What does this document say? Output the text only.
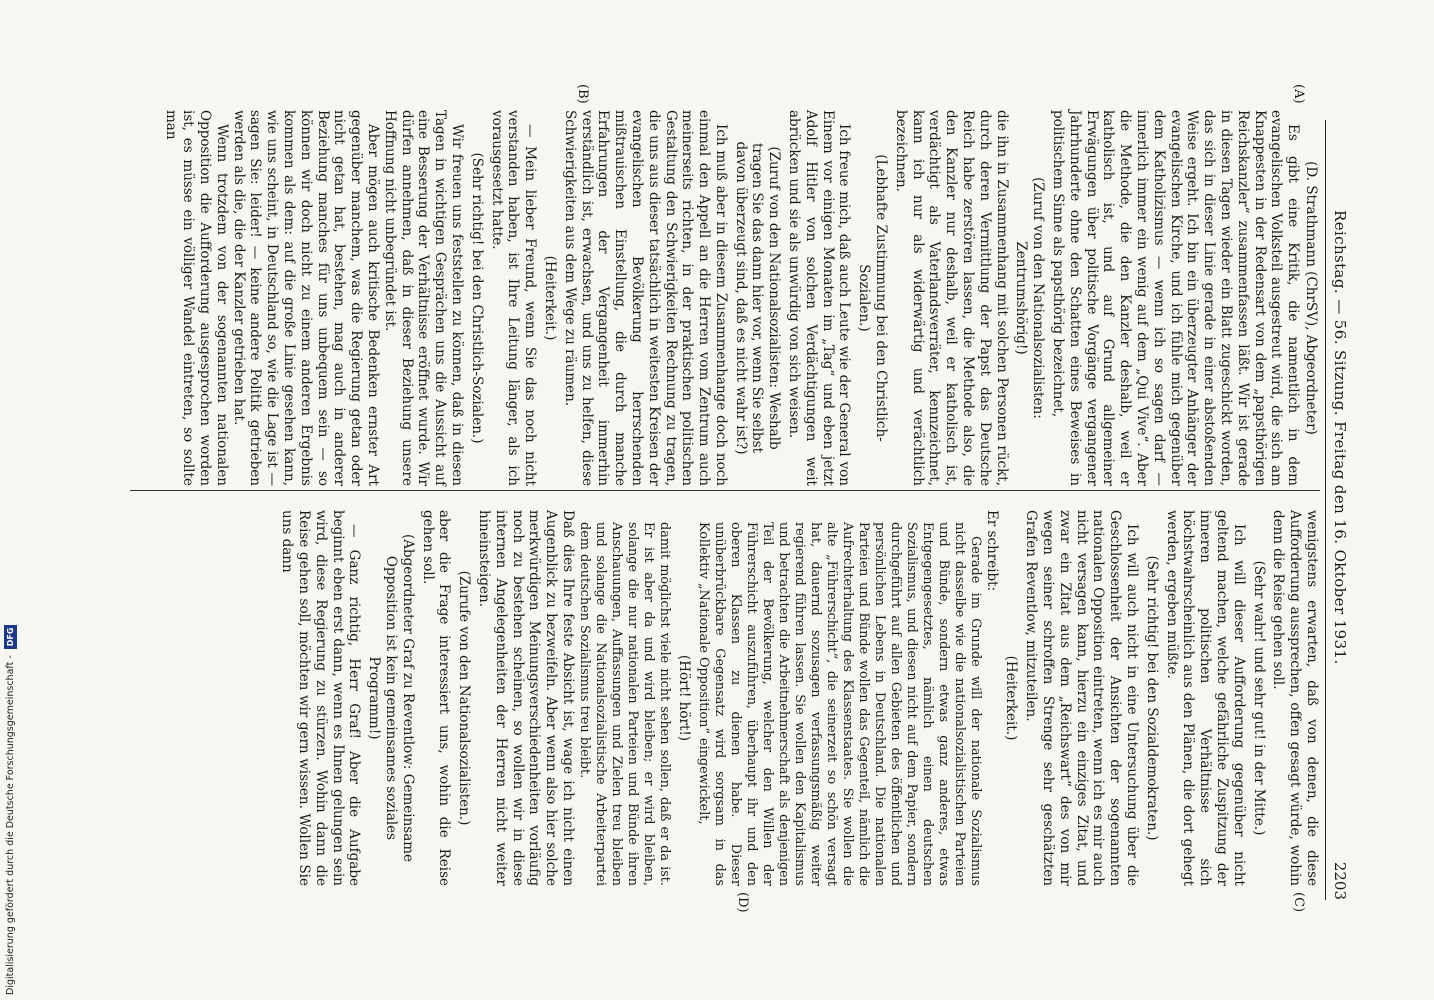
Reichstag. — 56. Sitzung. Freitag den 16. Oktober 1931.
2203
(A)
(B)
(C)
(D)

(D. Strathmann (ChrSV), Abgeordneter)

Es gibt eine Kritik, die namentlich in dem evangelischen Volksteil ausgestreut wird, die sich am Knappesten in der Redensart von dem „papsthörigen Reichskanzler“ zusammenfassen läßt. Wir ist gerade in diesen Tagen wieder ein Blatt zugeschickt worden, das sich in dieser Linie gerade in einer abstoßenden Weise ergeht. Ich bin ein überzeugter Anhänger der evangelischen Kirche, und ich fühle mich gegenüber dem Katholizismus — wenn ich so sagen darf — innerlich immer ein wenig auf dem „Qui Vive“. Aber die Methode, die den Kanzler deshalb, weil er katholisch ist, und auf Grund allgemeiner Erwägungen über politische Vorgänge vergangener Jahrhunderte ohne den Schatten eines Beweises in politischem Sinne als papsthörig bezeichnet,

(Zuruf von den Nationalsozialisten: Zentrumshörig!)

die ihn in Zusammenhang mit solchen Personen rückt, durch deren Vermittlung der Papst das Deutsche Reich habe zerstören lassen, die Methode also, die den Kanzler nur deshalb, weil er katholisch ist, verdächtigt als Vaterlandsverräter, kennzeichnet, kann ich nur als widerwärtig und verächtlich bezeichnen.

(Lebhafte Zustimmung bei den Christlich-Sozialen.)

Ich freue mich, daß auch Leute wie der General von Einem vor einigen Monaten im „Tag“ und eben jetzt Adolf Hitler von solchen Verdächtigungen weit abrücken und sie als unwürdig von sich weisen.

(Zuruf von den Nationalsozialisten: Weshalb tragen Sie das dann hier vor, wenn Sie selbst davon überzeugt sind, daß es nicht wahr ist?)

Ich muß aber in diesem Zusammenhange doch noch einmal den Appell an die Herren vom Zentrum auch meinerseits richten, in der praktischen politischen Gestaltung den Schwierigkeiten Rechnung zu tragen, die uns aus dieser tatsächlich in weitesten Kreisen der evangelischen Bevölkerung herrschenden mißtrauischen Einstellung, die durch manche Erfahrungen der Vergangenheit immerhin verständlich ist, erwachsen, und uns zu helfen, diese Schwierigkeiten aus dem Wege zu räumen.

(Heiterkeit.)

— Mein lieber Freund, wenn Sie das noch nicht verstanden haben, ist Ihre Leitung länger, als ich vorausgesetzt hatte.

(Sehr richtig! bei den Christlich-Sozialen.)

Wir freuen uns feststellen zu können, daß in diesen Tagen in wichtigen Gesprächen uns die Aussicht auf eine Besserung der Verhältnisse eröffnet wurde. Wir dürfen annehmen, daß in dieser Beziehung unsere Hoffnung nicht unbegründet ist.

Aber mögen auch kritische Bedenken ernster Art gegenüber manchem, was die Regierung getan oder nicht getan hat, bestehen, mag auch in anderer Beziehung manches für uns unbequem sein — so können wir doch nicht zu einem anderen Ergebnis kommen als dem: auf die große Linie gesehen kann, wie uns scheint, in Deutschland so, wie die Lage ist — sagen Sie: leider! — keine andere Politik getrieben werden als die, die der Kanzler getrieben hat.

Wenn trotzdem von der sogenannten nationalen Opposition die Aufforderung ausgesprochen worden ist, es müsse ein völliger Wandel eintreten, so sollte man

wenigstens erwarten, daß von denen, die diese Aufforderung aussprechen, offen gesagt würde, wohin denn die Reise gehen soll.

(Sehr wahr! und sehr gut! in der Mitte.)

Ich will dieser Aufforderung gegenüber nicht geltend machen, welche gefährliche Zuspitzung der inneren politischen Verhältnisse sich höchstwahrscheinlich aus den Plänen, die dort gehegt werden, ergeben müßte.

(Sehr richtig! bei den Sozialdemokraten.)

Ich will auch nicht in eine Untersuchung über die Geschlossenheit der Ansichten der sogenannten nationalen Opposition eintreten, wenn ich es mir auch nicht versagen kann, hierzu ein einziges Zitat, und zwar ein Zitat aus dem „Reichswart“ des von mir wegen seiner schroffen Strenge sehr geschätzten Grafen Reventlow, mitzuteilen.

(Heiterkeit.)

Er schreibt:

Gerade im Grunde will der nationale Sozialismus nicht dasselbe wie die nationalsozialistischen Parteien und Bünde, sondern etwas ganz anderes, etwas Entgegengesetztes, nämlich einen deutschen Sozialismus, und diesen nicht auf dem Papier, sondern durchgeführt auf allen Gebieten des öffentlichen und persönlichen Lebens in Deutschland. Die nationalen Parteien und Bünde wollen das Gegenteil, nämlich die Aufrechterhaltung des Klassenstaates. Sie wollen die alte „Führerschicht“, die seinerzeit so schön versagt hat, dauernd sozusagen verfassungsmäßig weiter regierend führen lassen. Sie wollen den Kapitalismus und betrachten die Arbeitnehmerschaft als denjenigen Teil der Bevölkerung, welcher den Willen der Führerschicht auszuführen, überhaupt ihr und den oberen Klassen zu dienen habe. Dieser unüberbrückbare Gegensatz wird sorgsam in das Kollektiv „Nationale Opposition“ eingewickelt,

(Hört! hört!)

damit möglichst viele nicht sehen sollen, daß er da ist. Er ist aber da und wird bleiben; er wird bleiben, solange die nur nationalen Parteien und Bünde ihren Anschauungen, Auffassungen und Zielen treu bleiben und solange die Nationalsozialistische Arbeiterpartei dem deutschen Sozialismus treu bleibt.

Daß dies Ihre feste Absicht ist, wage ich nicht einen Augenblick zu bezweifeln. Aber wenn also hier solche merkwürdigen Meinungsverschiedenheiten vorläufig noch zu bestehen scheinen, so wollen wir in diese internen Angelegenheiten der Herren nicht weiter hineinsteigen.

(Zurufe von den Nationalsozialisten.)

aber die Frage interessiert uns, wohin die Reise gehen soll.

(Abgeordneter Graf zu Reventlow: Gemeinsame Opposition ist kein gemeinsames soziales Programm!)

— Ganz richtig, Herr Graf! Aber die Aufgabe beginnt eben erst dann, wenn es Ihnen gelungen sein wird, diese Regierung zu stürzen. Wohin dann die Reise gehen soll, möchten wir gern wissen. Wollen Sie uns dann

Digitalisierung gefördert durch die Deutsche Forschungsgemeinschaft - DFG
